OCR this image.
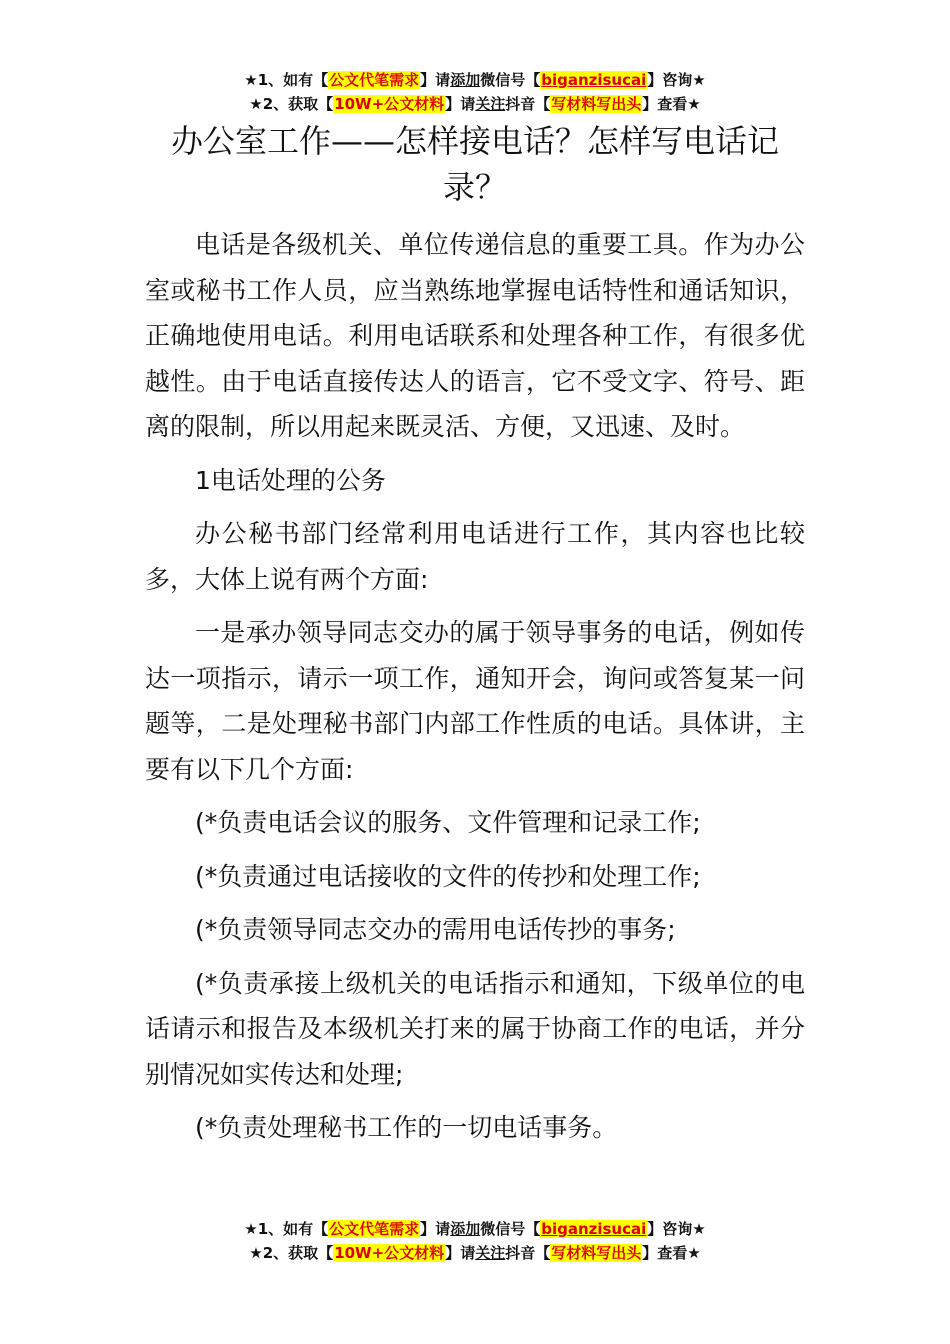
★1、如有【公文代笔需求】请添加微信号【biganzisucai】咨询★
★2、获取【10W+公文材料】请关注抖音【写材料写出头】查看★
办公室工作——怎样接电话？怎样写电话记录？

电话是各级机关、单位传递信息的重要工具。作为办公室或秘书工作人员，应当熟练地掌握电话特性和通话知识，正确地使用电话。利用电话联系和处理各种工作，有很多优越性。由于电话直接传达人的语言，它不受文字、符号、距离的限制，所以用起来既灵活、方便，又迅速、及时。

1电话处理的公务

办公秘书部门经常利用电话进行工作，其内容也比较多，大体上说有两个方面:

一是承办领导同志交办的属于领导事务的电话，例如传达一项指示，请示一项工作，通知开会，询问或答复某一问题等，二是处理秘书部门内部工作性质的电话。具体讲，主要有以下几个方面:

(*负责电话会议的服务、文件管理和记录工作;

(*负责通过电话接收的文件的传抄和处理工作;

(*负责领导同志交办的需用电话传抄的事务;

(*负责承接上级机关的电话指示和通知，下级单位的电话请示和报告及本级机关打来的属于协商工作的电话，并分别情况如实传达和处理;

(*负责处理秘书工作的一切电话事务。

★1、如有【公文代笔需求】请添加微信号【biganzisucai】咨询★
★2、获取【10W+公文材料】请关注抖音【写材料写出头】查看★
